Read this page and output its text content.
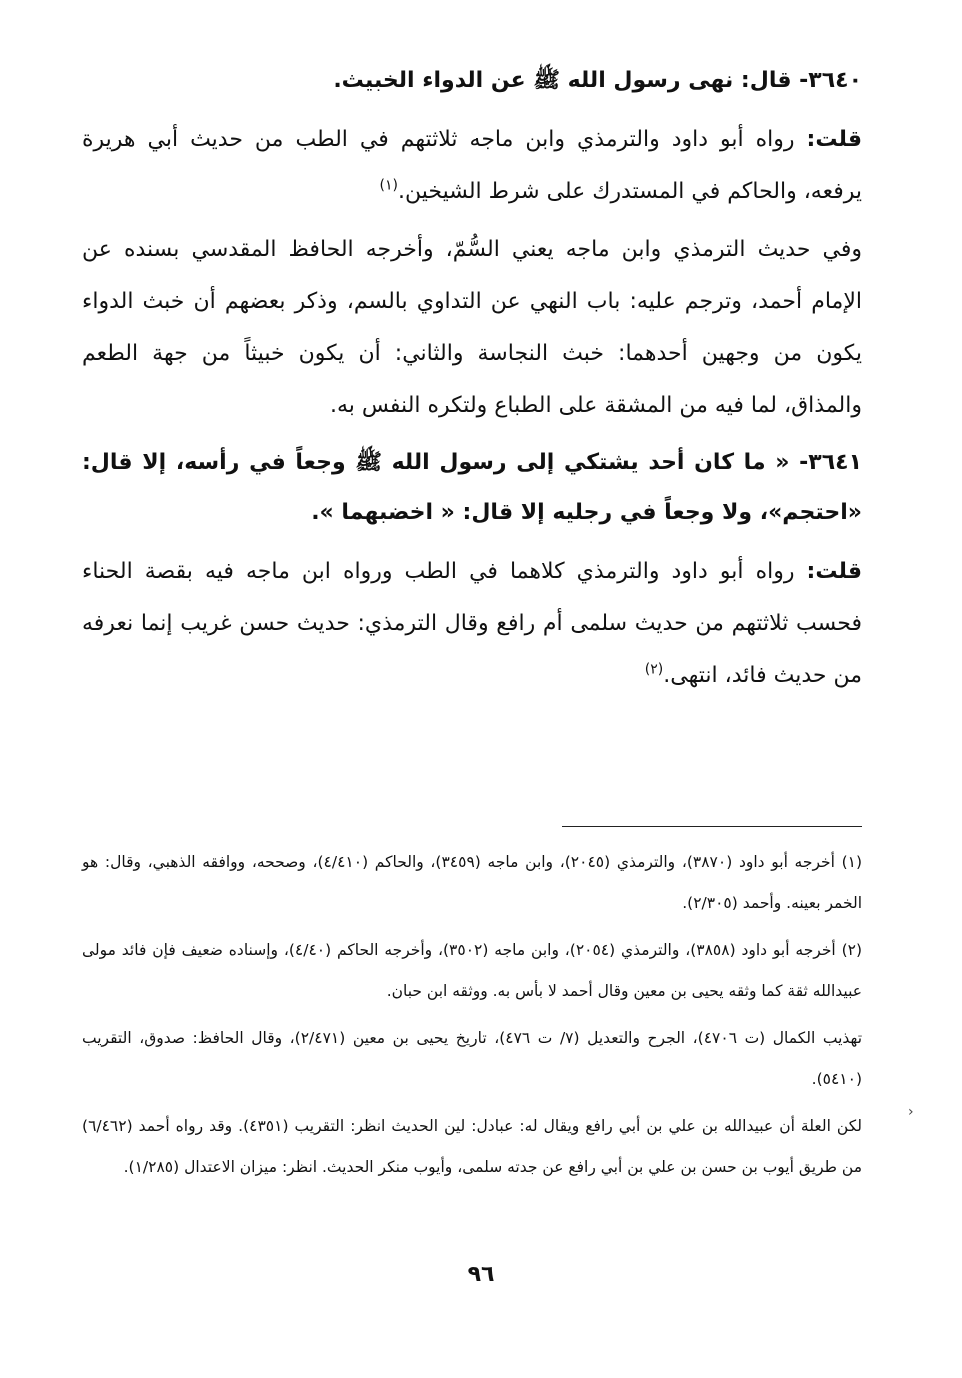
٣٦٤٠- قال: نهى رسول الله ﷺ عن الدواء الخبيث.

قلت: رواه أبو داود والترمذي وابن ماجه ثلاثتهم في الطب من حديث أبي هريرة يرفعه، والحاكم في المستدرك على شرط الشيخين.$^{(١)}$

وفي حديث الترمذي وابن ماجه يعني السُّمّ، وأخرجه الحافظ المقدسي بسنده عن الإمام أحمد، وترجم عليه: باب النهي عن التداوي بالسم، وذكر بعضهم أن خبث الدواء يكون من وجهين أحدهما: خبث النجاسة والثاني: أن يكون خبيثاً من جهة الطعم والمذاق، لما فيه من المشقة على الطباع ولتكره النفس به.

٣٦٤١- « ما كان أحد يشتكي إلى رسول الله ﷺ وجعاً في رأسه، إلا قال: «احتجم»، ولا وجعاً في رجليه إلا قال: « اخضبهما ».

قلت: رواه أبو داود والترمذي كلاهما في الطب ورواه ابن ماجه فيه بقصة الحناء فحسب ثلاثتهم من حديث سلمى أم رافع وقال الترمذي: حديث حسن غريب إنما نعرفه من حديث فائد، انتهى.$^{(٢)}$

(١) أخرجه أبو داود (٣٨٧٠)، والترمذي (٢٠٤٥)، وابن ماجه (٣٤٥٩)، والحاكم (٤/٤١٠)، وصححه، ووافقه الذهبي، وقال: هو الخمر بعينه. وأحمد (٢/٣٠٥).

(٢) أخرجه أبو داود (٣٨٥٨)، والترمذي (٢٠٥٤)، وابن ماجه (٣٥٠٢)، وأخرجه الحاكم (٤/٤٠)، وإسناده ضعيف فإن فائد مولى عبيدالله ثقة كما وثقه يحيى بن معين وقال أحمد لا بأس به. ووثقه ابن حبان.

تهذيب الكمال (ت ٤٧٠٦)، الجرح والتعديل (٧/ ت ٤٧٦)، تاريخ يحيى بن معين (٢/٤٧١)، وقال الحافظ: صدوق، التقريب (٥٤١٠).

لكن العلة أن عبيدالله بن علي بن أبي رافع ويقال له: عبادل: لين الحديث انظر: التقريب (٤٣٥١). وقد رواه أحمد (٦/٤٦٢) من طريق أيوب بن حسن بن علي بن أبي رافع عن جدته سلمى، وأيوب منكر الحديث. انظر: ميزان الاعتدال (١/٢٨٥).

‹
٩٦
